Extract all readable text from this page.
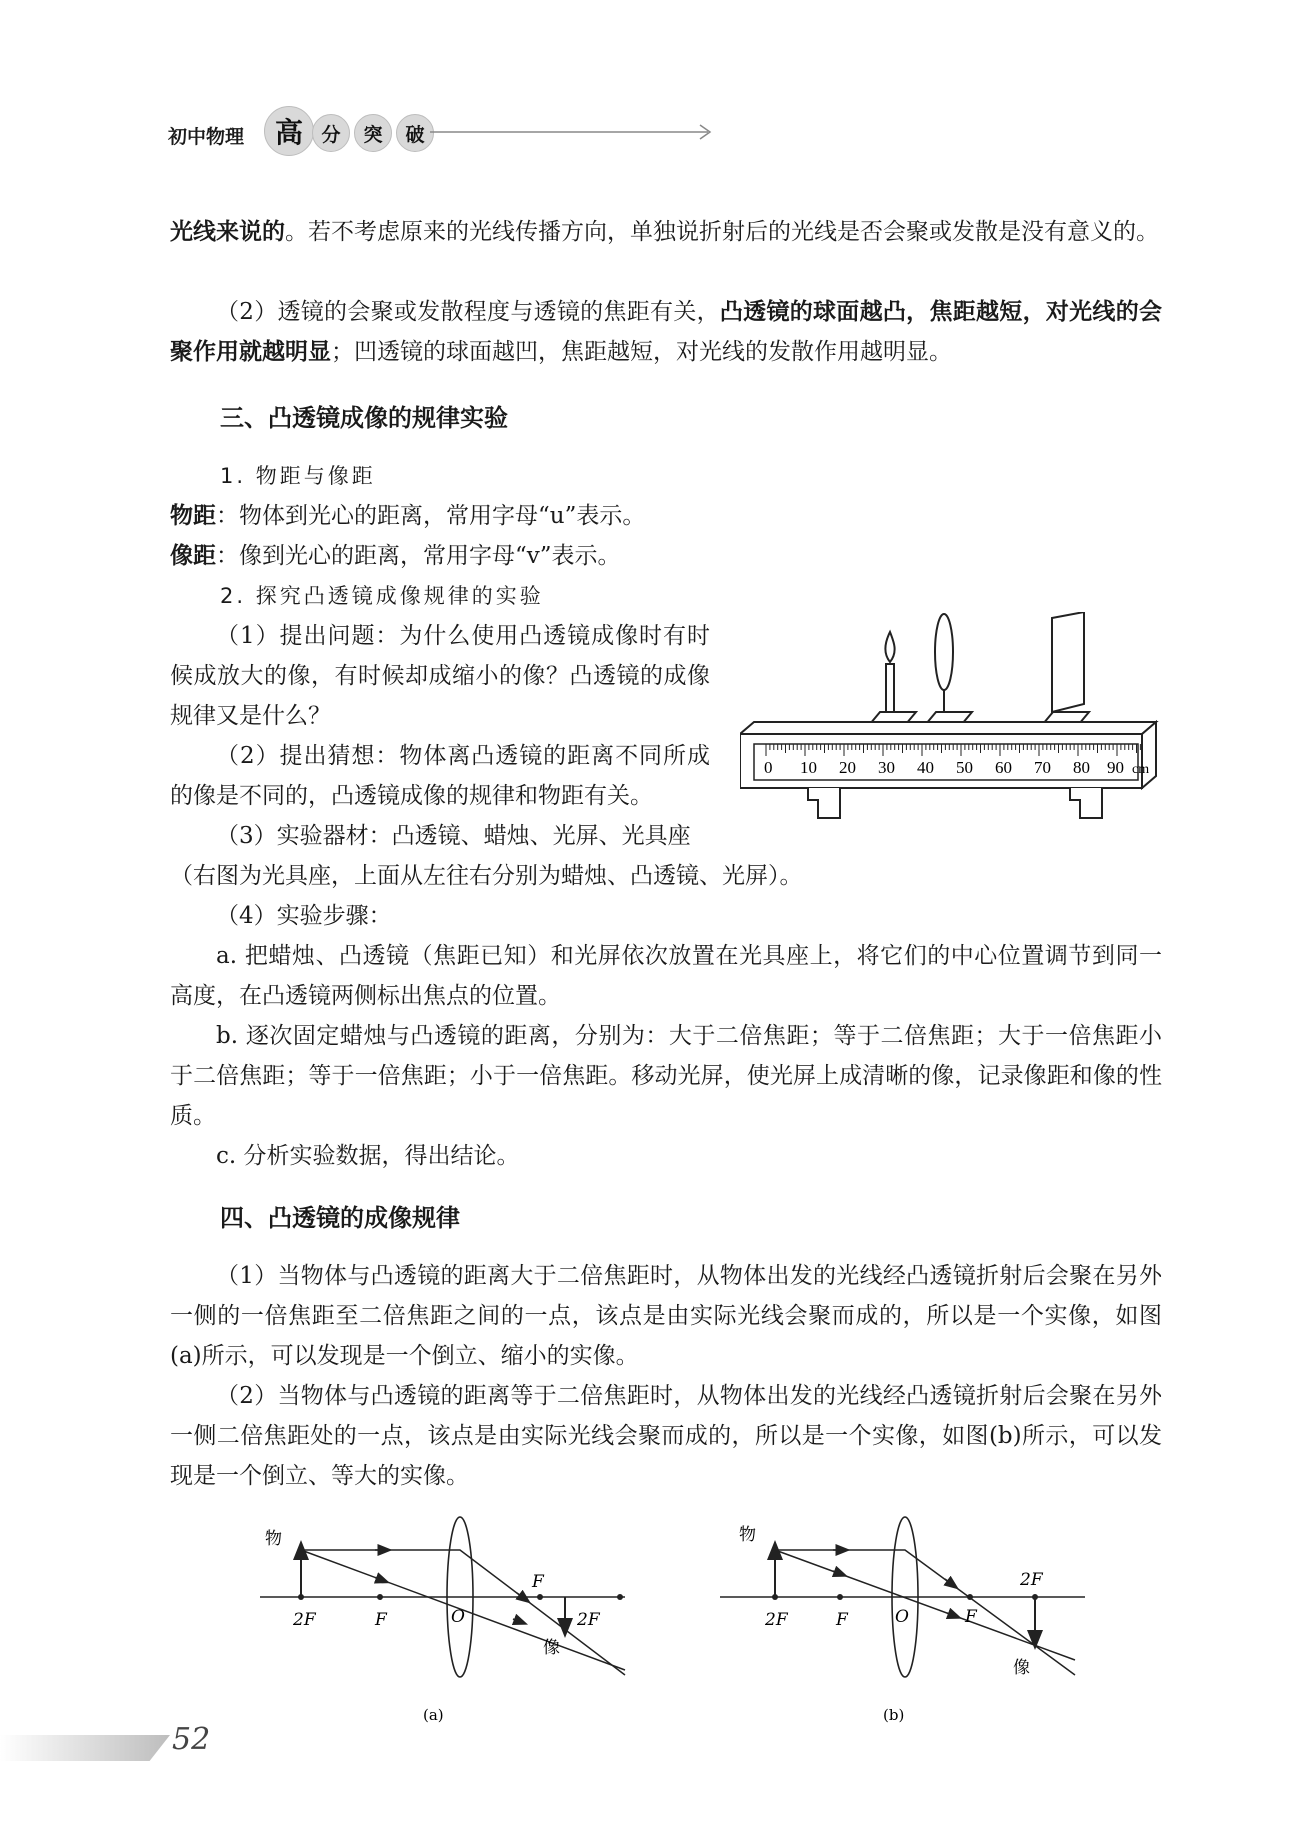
初中物理	高 分	突	破
光线来说的。若不考虑原来的光线传播方向，单独说折射后的光线是否会聚或发散是没有意义的。
（2）透镜的会聚或发散程度与透镜的焦距有关，凸透镜的球面越凸，焦距越短，对光线的会聚作用就越明显；凹透镜的球面越凹，焦距越短，对光线的发散作用越明显。
三、凸透镜成像的规律实验
1. 物距与像距
物距：物体到光心的距离，常用字母“u”表示。
像距：像到光心的距离，常用字母“v”表示。
2. 探究凸透镜成像规律的实验
（1）提出问题：为什么使用凸透镜成像时有时候成放大的像，有时候却成缩小的像？凸透镜的成像规律又是什么？
（2）提出猜想：物体离凸透镜的距离不同所成的像是不同的，凸透镜成像的规律和物距有关。
（3）实验器材：凸透镜、蜡烛、光屏、光具座
（右图为光具座，上面从左往右分别为蜡烛、凸透镜、光屏）。
0 10 20 30 40 50 60 70 80 90 cm
（4）实验步骤：
a. 把蜡烛、凸透镜（焦距已知）和光屏依次放置在光具座上，将它们的中心位置调节到同一高度，在凸透镜两侧标出焦点的位置。
b. 逐次固定蜡烛与凸透镜的距离，分别为：大于二倍焦距；等于二倍焦距；大于一倍焦距小于二倍焦距；等于一倍焦距；小于一倍焦距。移动光屏，使光屏上成清晰的像，记录像距和像的性质。
c. 分析实验数据，得出结论。
四、凸透镜的成像规律
（1）当物体与凸透镜的距离大于二倍焦距时，从物体出发的光线经凸透镜折射后会聚在另外一侧的一倍焦距至二倍焦距之间的一点，该点是由实际光线会聚而成的，所以是一个实像，如图(a)所示，可以发现是一个倒立、缩小的实像。
（2）当物体与凸透镜的距离等于二倍焦距时，从物体出发的光线经凸透镜折射后会聚在另外一侧二倍焦距处的一点，该点是由实际光线会聚而成的，所以是一个实像，如图(b)所示，可以发现是一个倒立、等大的实像。
物
2F	F	O
F
2F
像
(a)
物
2F	F	O	F
2F
像
(b)
52
